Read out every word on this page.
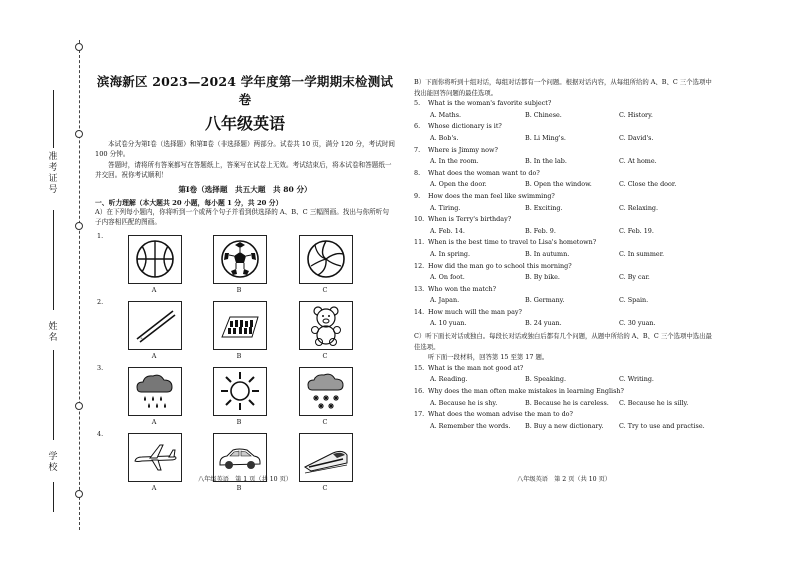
准考证号
姓名
学校
滨海新区 2023—2024 学年度第一学期期末检测试卷
八年级英语
本试卷分为第Ⅰ卷（选择题）和第Ⅱ卷（非选择题）两部分。试卷共 10 页，满分 120 分，考试时间 100 分钟。
答题时，请将所有答案都写在答题纸上，答案写在试卷上无效。考试结束后，将本试卷和答题纸一并交回。祝你考试顺利！
第Ⅰ卷（选择题　共五大题　共 80 分）
一、听力理解（本大题共 20 小题，每小题 1 分，共 20 分）
A）在下列每小题内，你将听到一个或两个句子并看到供选择的 A、B、C 三幅图画。找出与你所听句子内容相匹配的图画。
1.
A	B	C
2.
A	B	C
3.
A	B	C
4.
A	B	C
八年级英语　第 1 页（共 10 页）
B）下面你将听到十组对话，每组对话都有一个问题。根据对话内容，从每组所给的 A、B、C 三个选项中找出能回答问题的最佳选项。
5. What is the woman's favorite subject?
A. Maths.	B. Chinese.	C. History.
6. Whose dictionary is it?
A. Bob's.	B. Li Ming's.	C. David's.
7. Where is Jimmy now?
A. In the room.	B. In the lab.	C. At home.
8. What does the woman want to do?
A. Open the door.	B. Open the window.	C. Close the door.
9. How does the man feel like swimming?
A. Tiring.	B. Exciting.	C. Relaxing.
10. When is Terry's birthday?
A. Feb. 14.	B. Feb. 9.	C. Feb. 19.
11. When is the best time to travel to Lisa's hometown?
A. In spring.	B. In autumn.	C. In summer.
12. How did the man go to school this morning?
A. On foot.	B. By bike.	C. By car.
13. Who won the match?
A. Japan.	B. Germany.	C. Spain.
14. How much will the man pay?
A. 10 yuan.	B. 24 yuan.	C. 30 yuan.
C）听下面长对话或独白。每段长对话或独白后都有几个问题，从题中所给的 A、B、C 三个选项中选出最佳选项。
听下面一段材料，回答第 15 至第 17 题。
15. What is the man not good at?
A. Reading.	B. Speaking.	C. Writing.
16. Why does the man often make mistakes in learning English?
A. Because he is shy.	B. Because he is careless.	C. Because he is silly.
17. What does the woman advise the man to do?
A. Remember the words.	B. Buy a new dictionary.	C. Try to use and practise.
八年级英语　第 2 页（共 10 页）
